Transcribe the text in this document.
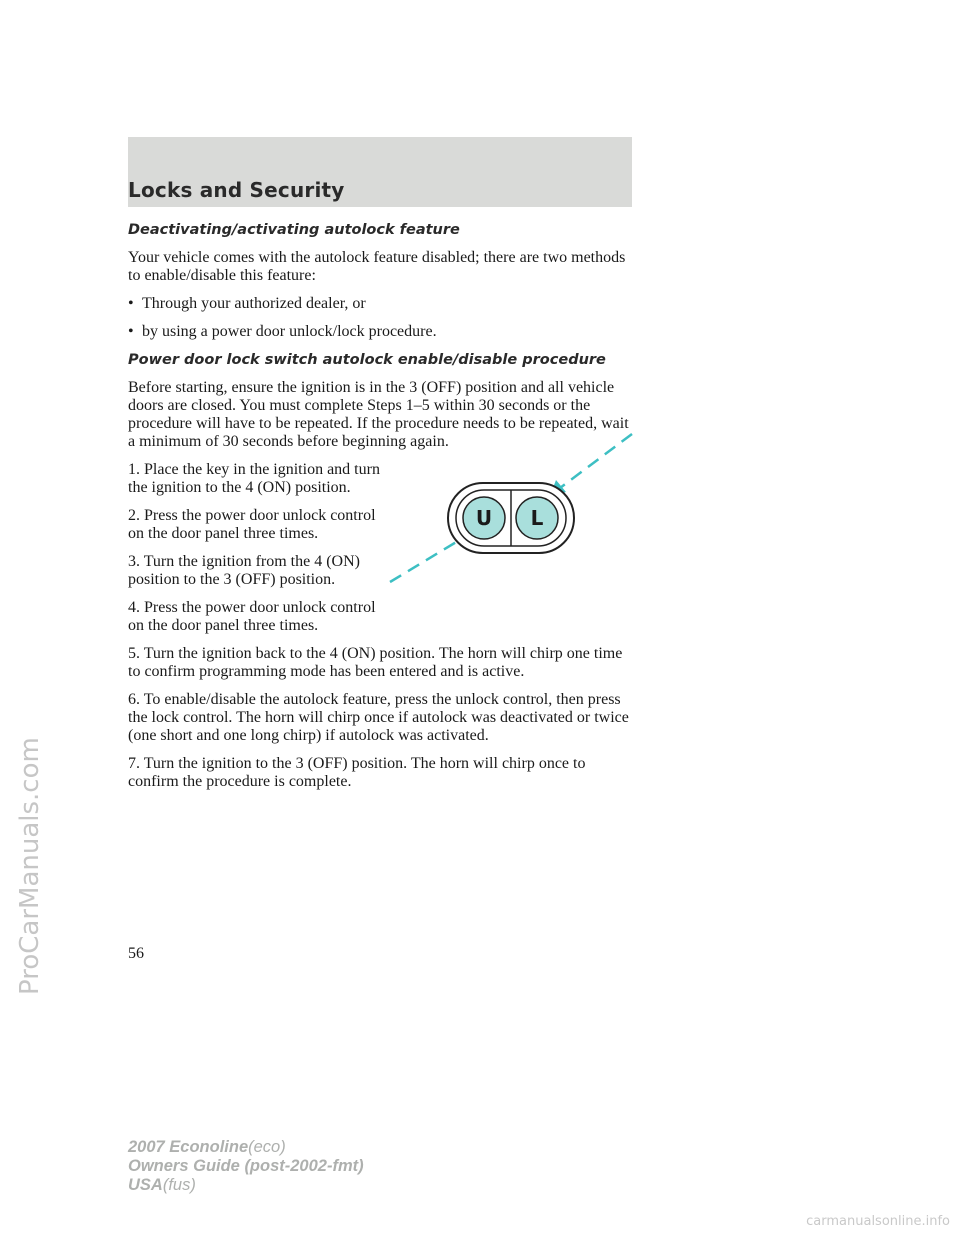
Locks and Security

Deactivating/activating autolock feature

Your vehicle comes with the autolock feature disabled; there are two methods to enable/disable this feature:

• Through your authorized dealer, or
• by using a power door unlock/lock procedure.

Power door lock switch autolock enable/disable procedure

Before starting, ensure the ignition is in the 3 (OFF) position and all vehicle doors are closed. You must complete Steps 1–5 within 30 seconds or the procedure will have to be repeated. If the procedure needs to be repeated, wait a minimum of 30 seconds before beginning again.

1. Place the key in the ignition and turn the ignition to the 4 (ON) position.

2. Press the power door unlock control on the door panel three times.

3. Turn the ignition from the 4 (ON) position to the 3 (OFF) position.

4. Press the power door unlock control on the door panel three times.

5. Turn the ignition back to the 4 (ON) position. The horn will chirp one time to confirm programming mode has been entered and is active.

6. To enable/disable the autolock feature, press the unlock control, then press the lock control. The horn will chirp once if autolock was deactivated or twice (one short and one long chirp) if autolock was activated.

7. Turn the ignition to the 3 (OFF) position. The horn will chirp once to confirm the procedure is complete.

U L
56
ProCarManuals.com
2007 Econoline(eco)
Owners Guide (post-2002-fmt)
USA(fus)
carmanualsonline.info
